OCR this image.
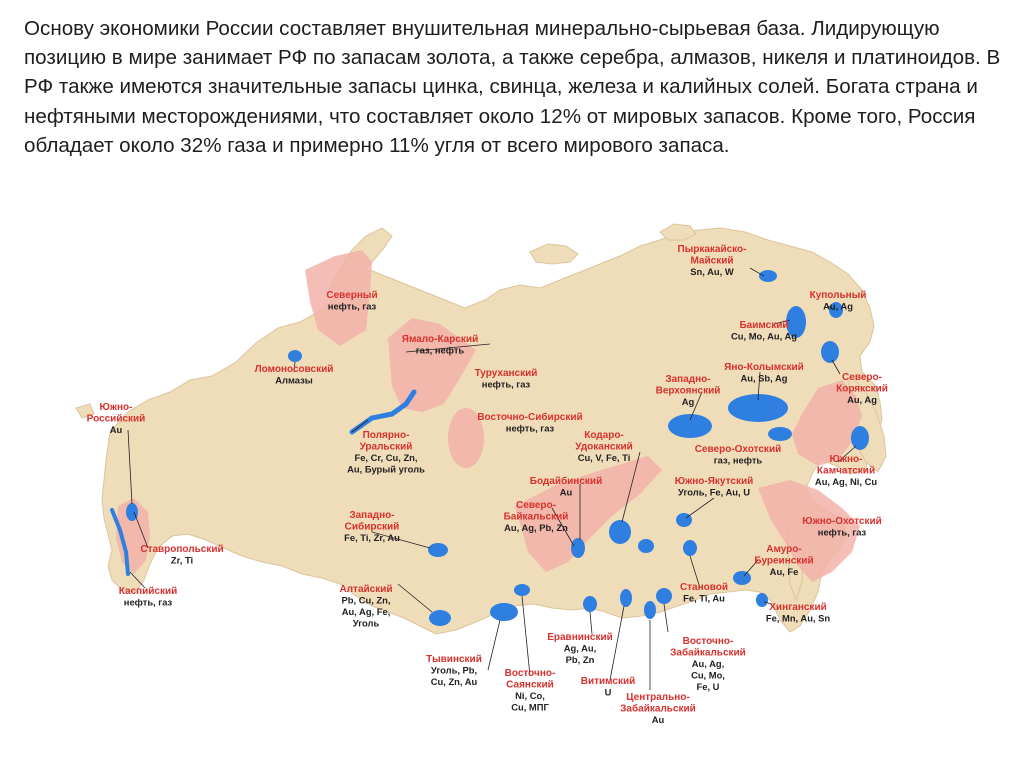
Основу экономики России составляет внушительная минерально-сырьевая база. Лидирующую позицию в мире занимает РФ по запасам золота, а также серебра, алмазов, никеля и платиноидов. В РФ также имеются значительные запасы цинка, свинца, железа и калийных солей. Богата страна и нефтяными месторождениями, что составляет около 12% от мировых запасов. Кроме того, Россия обладает около 32% газа и примерно 11% угля от всего мирового запаса.

Северный
нефть, газ
Ямало-Карский
газ, нефть
Ломоносовский
Алмазы
Южно-
Российский
Au
Полярно-
Уральский
Fe, Cr, Cu, Zn,
Au, Бурый уголь
Туруханский
нефть, газ
Восточно-Сибирский
нефть, газ
Кодаро-
Удоканский
Cu, V, Fe, Ti
Бодайбинский
Au
Северо-
Байкальский
Au, Ag, Pb, Zn
Западно-
Сибирский
Fe, Ti, Zr, Au
Ставропольский
Zr, Ti
Каспийский
нефть, газ
Алтайский
Pb, Cu, Zn,
Au, Ag, Fe,
Уголь
Тывинский
Уголь, Pb,
Cu, Zn, Au
Восточно-
Саянский
Ni, Co,
Cu, МПГ
Еравнинский
Ag, Au,
Pb, Zn
Витимский
U Центрально-
Забайкальский
Au
Восточно-
Забайкальский
Au, Ag,
Cu, Mo,
Fe, U
Становой
Fe, Ti, Au
Южно-Якутский
Уголь, Fe, Au, U
Северо-Охотский
газ, нефть
Западно-
Верхоянский
Ag
Яно-Колымский
Au, Sb, Ag
Баимский
Cu, Mo, Au, Ag
Пыркакайско-
Майский
Sn, Au, W
Купольный
Au, Ag
Северо-
Корякский
Au, Ag
Южно-
Камчатский
Au, Ag, Ni, Cu
Южно-Охотский
нефть, газ
Амуро-
Буреинский
Au, Fe
Хинганский
Fe, Mn, Au, Sn
